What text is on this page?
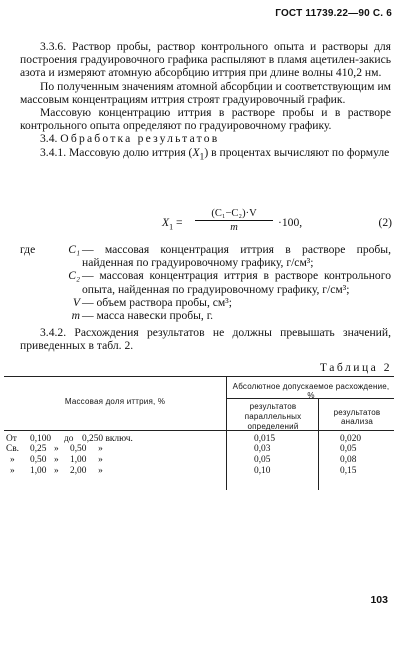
ГОСТ 11739.22—90 С. 6

3.3.6. Раствор пробы, раствор контрольного опыта и растворы для построения градуировочного графика распыляют в пламя ацетилен-закись азота и измеряют атомную абсорбцию иттрия при длине волны 410,2 нм.

По полученным значениям атомной абсорбции и соответствующим им массовым концентрациям иттрия строят градуировочный график.

Массовую концентрацию иттрия в растворе пробы и в растворе контрольного опыта определяют по градуировочному графику.

3.4. Обработка результатов

3.4.1. Массовую долю иттрия $(X_1)$ в процентах вычисляют по формуле

$X_1 = \frac{\text{(C₁−C₂)·V}}{m} \cdot 100$,	(2)
где	C₁ — массовая концентрация иттрия в растворе пробы, найденная по градуировочному графику, г/см³;
C₂ — массовая концентрация иттрия в растворе контрольного опыта, найденная по градуировочному графику, г/см³;
V — объем раствора пробы, см³;
m — масса навески пробы, г.

3.4.2. Расхождения результатов не должны превышать значений, приведенных в табл. 2.

Таблица 2
Массовая доля иттрия, %
Абсолютное допускаемое расхождение, %
результатов параллельных определений
результатов анализа
От 0,100 до 0,250 включ.	0,015	0,020
Св. 0,25 » 0,50     »	0,03	0,05
» 0,50 » 1,00     »	0,05	0,08
» 1,00 » 2,00     »	0,10	0,15
103
